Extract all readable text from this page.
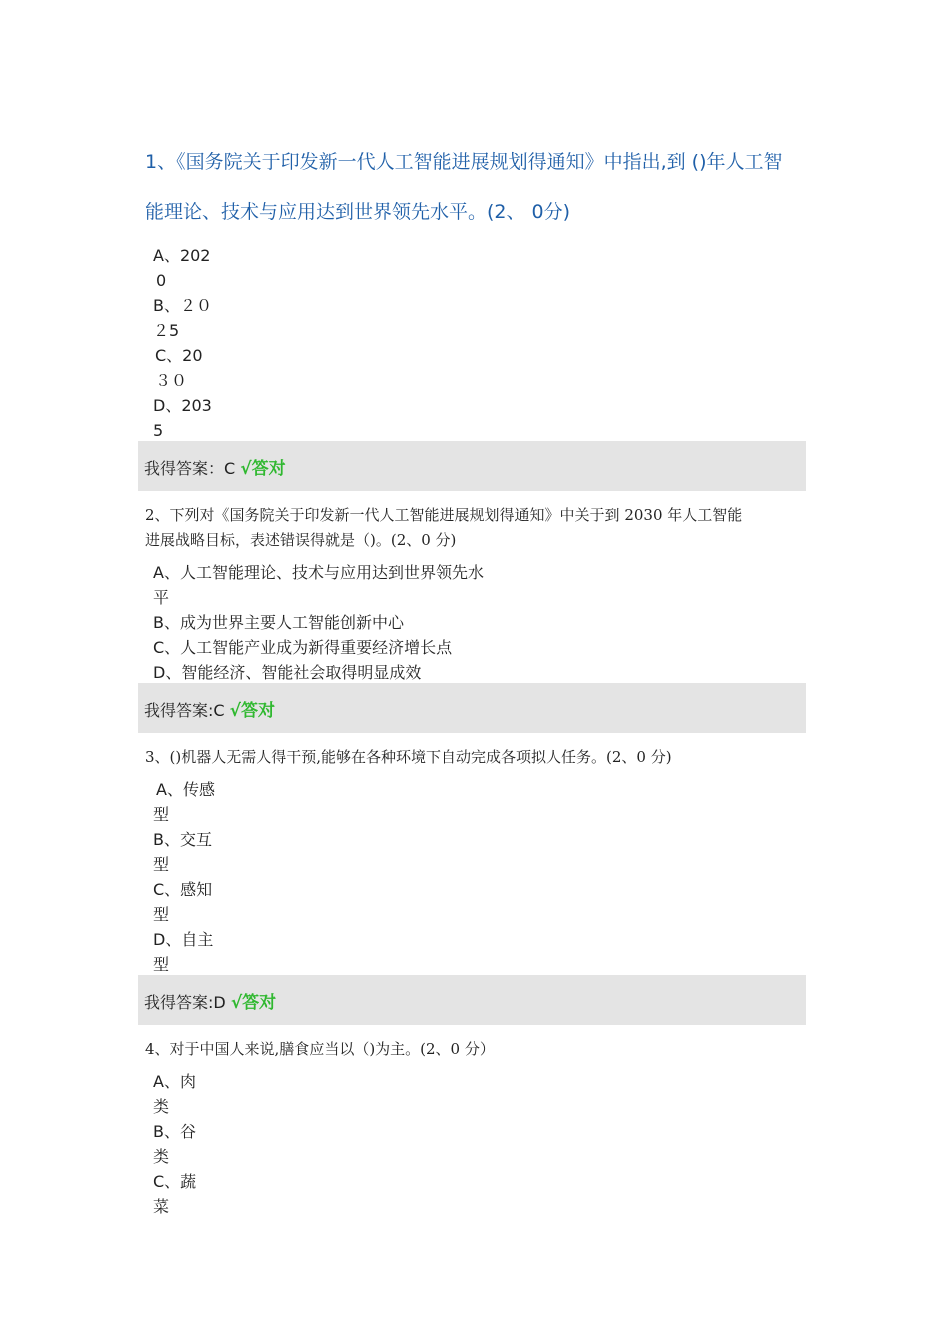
1、《国务院关于印发新一代人工智能进展规划得通知》中指出,到 ()年人工智
能理论、技术与应用达到世界领先水平。(2、 0分)
A、202
0
B、２０
２5
C、20
３０
D、203
5
我得答案：C √答对
2、下列对《国务院关于印发新一代人工智能进展规划得通知》中关于到 2030 年人工智能
进展战略目标，表述错误得就是（)。(2、0 分)
A、人工智能理论、技术与应用达到世界领先水
平
B、成为世界主要人工智能创新中心
C、人工智能产业成为新得重要经济增长点
D、智能经济、智能社会取得明显成效
我得答案:C √答对
3、()机器人无需人得干预,能够在各种环境下自动完成各项拟人任务。(2、0 分)
A、传感
型
B、交互
型
C、感知
型
D、自主
型
我得答案:D √答对
4、对于中国人来说,膳食应当以（)为主。(2、0 分）
A、肉
类
B、谷
类
C、蔬
菜
